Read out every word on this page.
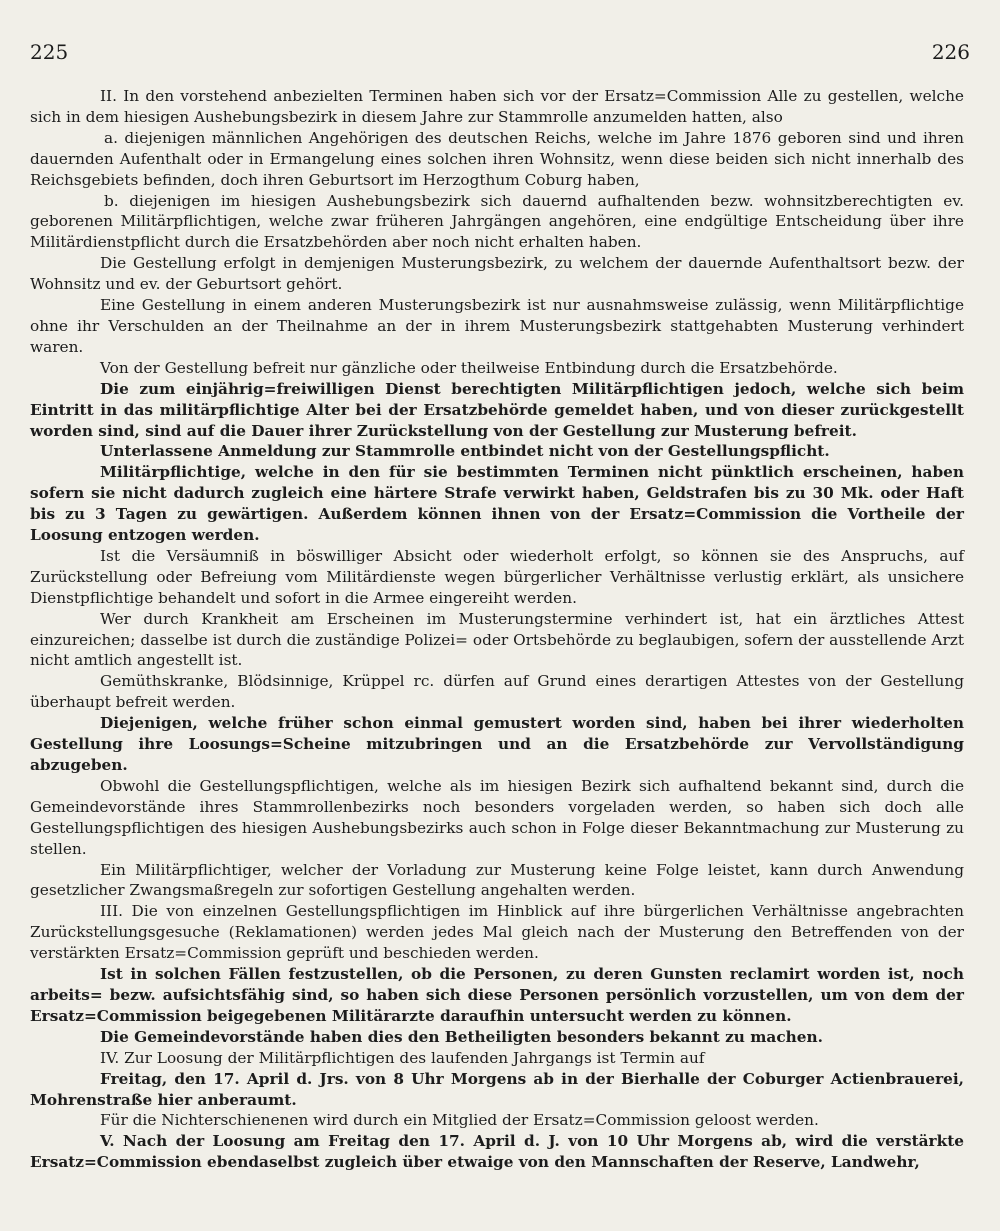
225	226

II. In den vorstehend anbezielten Terminen haben sich vor der Ersatz=Commission Alle zu gestellen, welche sich in dem hiesigen Aushebungsbezirk in diesem Jahre zur Stammrolle anzumelden hatten, also

a. diejenigen männlichen Angehörigen des deutschen Reichs, welche im Jahre 1876 geboren sind und ihren dauernden Aufenthalt oder in Ermangelung eines solchen ihren Wohnsitz, wenn diese beiden sich nicht innerhalb des Reichsgebiets befinden, doch ihren Geburtsort im Herzogthum Coburg haben,

b. diejenigen im hiesigen Aushebungsbezirk sich dauernd aufhaltenden bezw. wohnsitzberechtigten ev. geborenen Militärpflichtigen, welche zwar früheren Jahrgängen angehören, eine endgültige Entscheidung über ihre Militärdienstpflicht durch die Ersatzbehörden aber noch nicht erhalten haben.

Die Gestellung erfolgt in demjenigen Musterungsbezirk, zu welchem der dauernde Aufenthaltsort bezw. der Wohnsitz und ev. der Geburtsort gehört.

Eine Gestellung in einem anderen Musterungsbezirk ist nur ausnahmsweise zulässig, wenn Militärpflichtige ohne ihr Verschulden an der Theilnahme an der in ihrem Musterungsbezirk stattgehabten Musterung verhindert waren.

Von der Gestellung befreit nur gänzliche oder theilweise Entbindung durch die Ersatzbehörde.

Die zum einjährig=freiwilligen Dienst berechtigten Militärpflichtigen jedoch, welche sich beim Eintritt in das militärpflichtige Alter bei der Ersatzbehörde gemeldet haben, und von dieser zurückgestellt worden sind, sind auf die Dauer ihrer Zurückstellung von der Gestellung zur Musterung befreit.

Unterlassene Anmeldung zur Stammrolle entbindet nicht von der Gestellungspflicht.

Militärpflichtige, welche in den für sie bestimmten Terminen nicht pünktlich erscheinen, haben sofern sie nicht dadurch zugleich eine härtere Strafe verwirkt haben, Geldstrafen bis zu 30 Mk. oder Haft bis zu 3 Tagen zu gewärtigen. Außerdem können ihnen von der Ersatz=Commission die Vortheile der Loosung entzogen werden.

Ist die Versäumniß in böswilliger Absicht oder wiederholt erfolgt, so können sie des Anspruchs, auf Zurückstellung oder Befreiung vom Militärdienste wegen bürgerlicher Verhältnisse verlustig erklärt, als unsichere Dienstpflichtige behandelt und sofort in die Armee eingereiht werden.

Wer durch Krankheit am Erscheinen im Musterungstermine verhindert ist, hat ein ärztliches Attest einzureichen; dasselbe ist durch die zuständige Polizei= oder Ortsbehörde zu beglaubigen, sofern der ausstellende Arzt nicht amtlich angestellt ist.

Gemüthskranke, Blödsinnige, Krüppel rc. dürfen auf Grund eines derartigen Attestes von der Gestellung überhaupt befreit werden.

Diejenigen, welche früher schon einmal gemustert worden sind, haben bei ihrer wiederholten Gestellung ihre Loosungs=Scheine mitzubringen und an die Ersatzbehörde zur Vervollständigung abzugeben.

Obwohl die Gestellungspflichtigen, welche als im hiesigen Bezirk sich aufhaltend bekannt sind, durch die Gemeindevorstände ihres Stammrollenbezirks noch besonders vorgeladen werden, so haben sich doch alle Gestellungspflichtigen des hiesigen Aushebungsbezirks auch schon in Folge dieser Bekanntmachung zur Musterung zu stellen.

Ein Militärpflichtiger, welcher der Vorladung zur Musterung keine Folge leistet, kann durch Anwendung gesetzlicher Zwangsmaßregeln zur sofortigen Gestellung angehalten werden.

III. Die von einzelnen Gestellungspflichtigen im Hinblick auf ihre bürgerlichen Verhältnisse angebrachten Zurückstellungsgesuche (Reklamationen) werden jedes Mal gleich nach der Musterung den Betreffenden von der verstärkten Ersatz=Commission geprüft und beschieden werden.

Ist in solchen Fällen festzustellen, ob die Personen, zu deren Gunsten reclamirt worden ist, noch arbeits= bezw. aufsichtsfähig sind, so haben sich diese Personen persönlich vorzustellen, um von dem der Ersatz=Commission beigegebenen Militärarzte daraufhin untersucht werden zu können.

Die Gemeindevorstände haben dies den Betheiligten besonders bekannt zu machen.

IV. Zur Loosung der Militärpflichtigen des laufenden Jahrgangs ist Termin auf

Freitag, den 17. April d. Jrs. von 8 Uhr Morgens ab in der Bierhalle der Coburger Actienbrauerei, Mohrenstraße hier anberaumt.

Für die Nichterschienenen wird durch ein Mitglied der Ersatz=Commission geloost werden.

V. Nach der Loosung am Freitag den 17. April d. J. von 10 Uhr Morgens ab, wird die verstärkte Ersatz=Commission ebendaselbst zugleich über etwaige von den Mannschaften der Reserve, Landwehr,
